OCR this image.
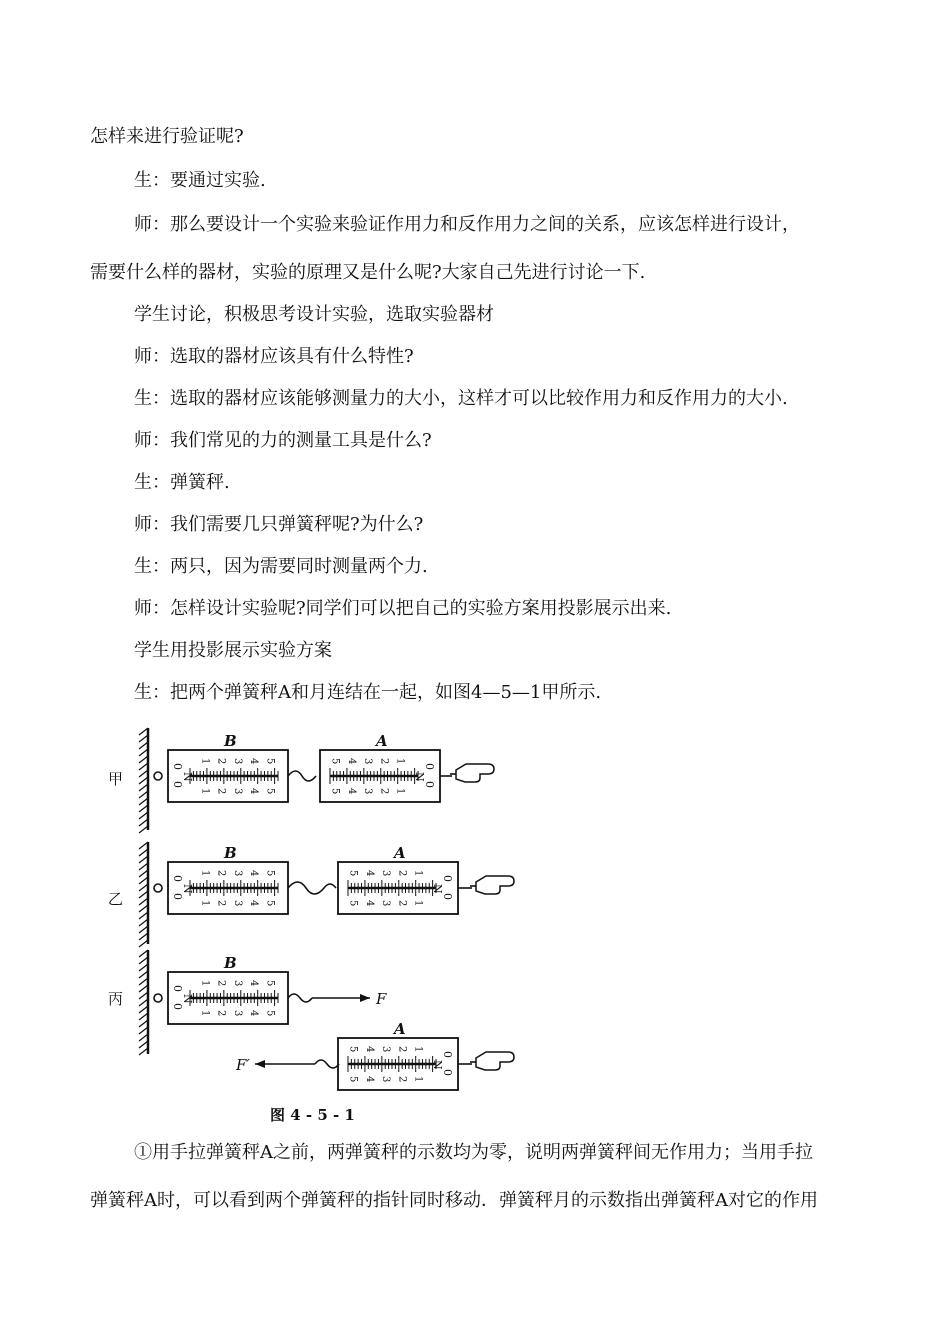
怎样来进行验证呢?
生：要通过实验.
师：那么要设计一个实验来验证作用力和反作用力之间的关系，应该怎样进行设计，
需要什么样的器材，实验的原理又是什么呢?大家自己先进行讨论一下.
学生讨论，积极思考设计实验，选取实验器材
师：选取的器材应该具有什么特性?
生：选取的器材应该能够测量力的大小，这样才可以比较作用力和反作用力的大小.
师：我们常见的力的测量工具是什么?
生：弹簧秤.
师：我们需要几只弹簧秤呢?为什么?
生：两只，因为需要同时测量两个力.
师：怎样设计实验呢?同学们可以把自己的实验方案用投影展示出来.
学生用投影展示实验方案
生：把两个弹簧秤A和月连结在一起，如图4—5—1甲所示.
甲
0
0
N
1
1
2
2
3
3
4
4
5
5
B
0
0
N
1
1
2
2
3
3
4
4
5
5
A
乙
0
0
N
1
1
2
2
3
3
4
4
5
5
B
0
0
N
1
1
2
2
3
3
4
4
5
5
A
丙
0
0
N
1
1
2
2
3
3
4
4
5
5
B
F
F′
0
0
N
1
1
2
2
3
3
4
4
5
5
A
图 4 - 5 - 1
①用手拉弹簧秤A之前，两弹簧秤的示数均为零，说明两弹簧秤间无作用力；当用手拉
弹簧秤A时，可以看到两个弹簧秤的指针同时移动．弹簧秤月的示数指出弹簧秤A对它的作用
